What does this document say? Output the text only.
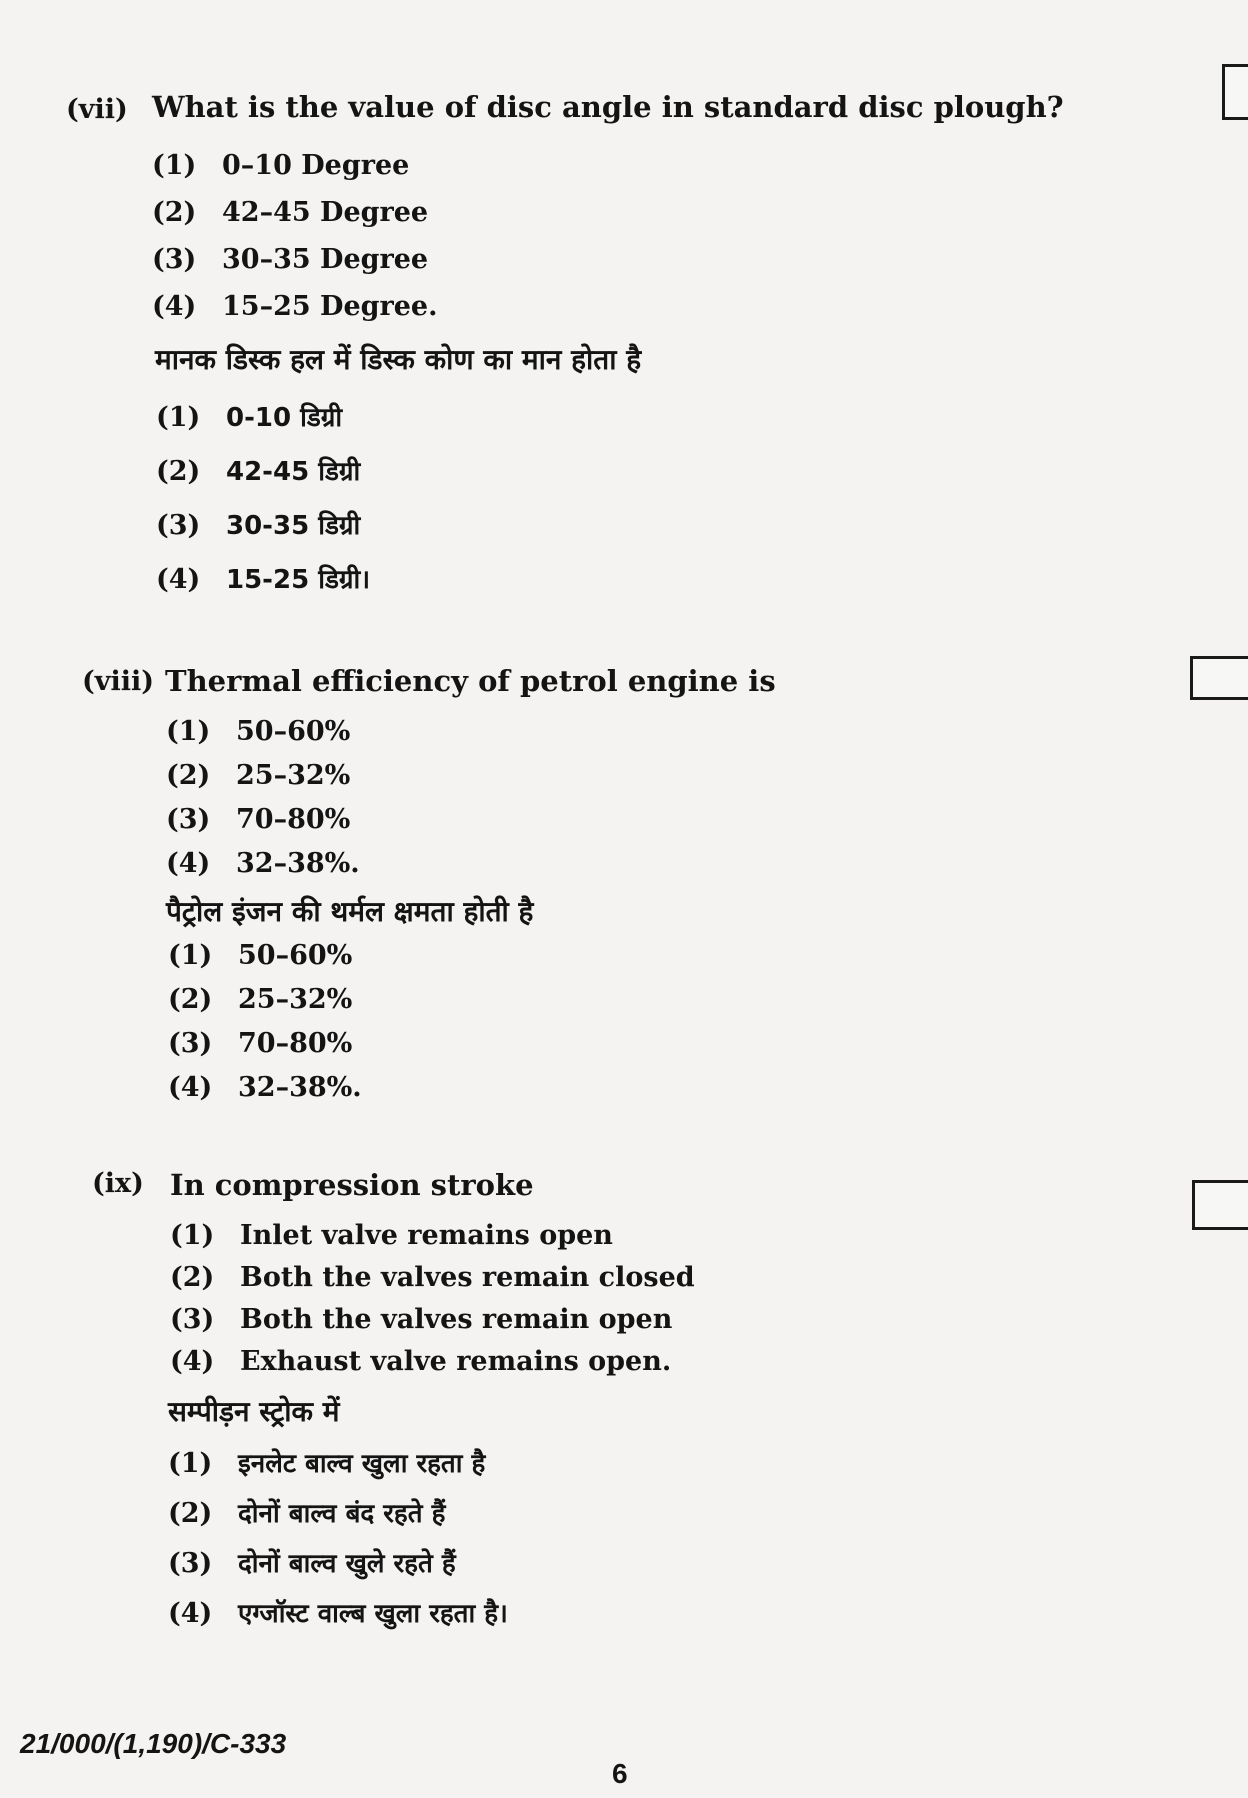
(vii) What is the value of disc angle in standard disc plough?
(1) 0–10 Degree
(2) 42–45 Degree
(3) 30–35 Degree
(4) 15–25 Degree.
मानक डिस्क हल में डिस्क कोण का मान होता है
(1) 0-10 डिग्री
(2) 42-45 डिग्री
(3) 30-35 डिग्री
(4) 15-25 डिग्री।
(viii) Thermal efficiency of petrol engine is
(1) 50–60%
(2) 25–32%
(3) 70–80%
(4) 32–38%.
पैट्रोल इंजन की थर्मल क्षमता होती है
(1) 50–60%
(2) 25–32%
(3) 70–80%
(4) 32–38%.
(ix) In compression stroke
(1) Inlet valve remains open
(2) Both the valves remain closed
(3) Both the valves remain open
(4) Exhaust valve remains open.
सम्पीड़न स्ट्रोक में
(1) इनलेट बाल्व खुला रहता है
(2) दोनों बाल्व बंद रहते हैं
(3) दोनों बाल्व खुले रहते हैं
(4) एग्जॉस्ट वाल्ब खुला रहता है।
21/000/(1,190)/C-333
6
